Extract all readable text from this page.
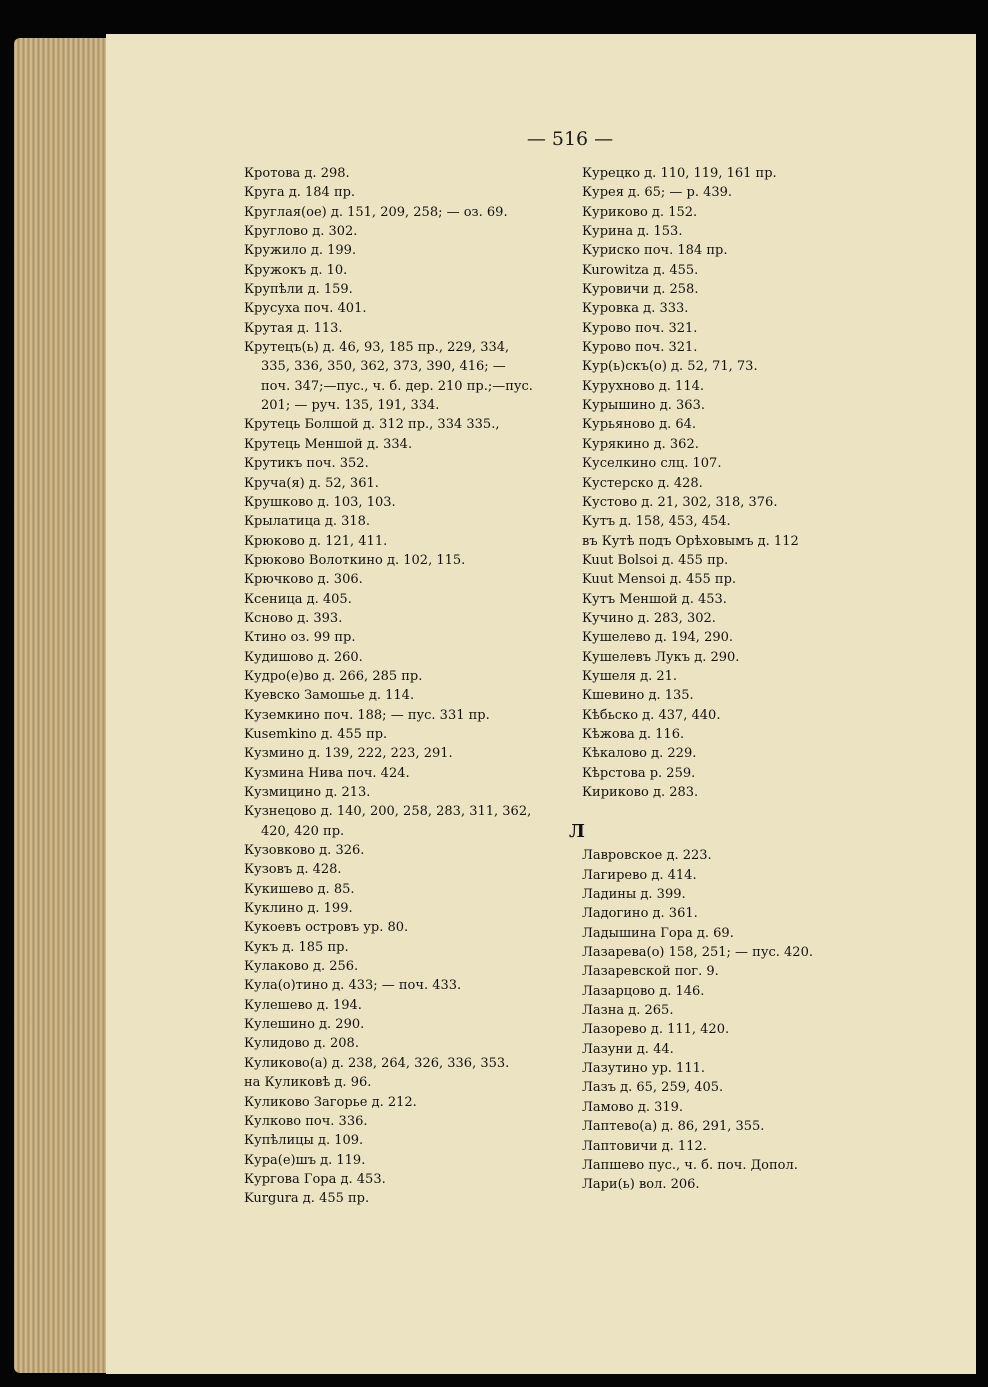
— 516 —
Кротова д. 298.
Круга д. 184 пр.
Круглая(ое) д. 151, 209, 258; — оз. 69.
Круглово д. 302.
Кружило д. 199.
Кружокъ д. 10.
Крупѣли д. 159.
Крусуха поч. 401.
Крутая д. 113.
Крутецъ(ь) д. 46, 93, 185 пр., 229, 334,
335, 336, 350, 362, 373, 390, 416; —
поч. 347;—пус., ч. б. дер. 210 пр.;—пус.
201; — руч. 135, 191, 334.
Крутець Болшой д. 312 пр., 334 335.,
Крутець Меншой д. 334.
Крутикъ поч. 352.
Круча(я) д. 52, 361.
Крушково д. 103, 103.
Крылатица д. 318.
Крюково д. 121, 411.
Крюково Волоткино д. 102, 115.
Крючково д. 306.
Ксеница д. 405.
Ксново д. 393.
Ктино оз. 99 пр.
Кудишово д. 260.
Кудро(е)во д. 266, 285 пр.
Куевско Замошье д. 114.
Куземкино поч. 188; — пус. 331 пр.
Kusemkino д. 455 пр.
Кузмино д. 139, 222, 223, 291.
Кузмина Нива поч. 424.
Кузмицино д. 213.
Кузнецово д. 140, 200, 258, 283, 311, 362,
420, 420 пр.
Кузовково д. 326.
Кузовъ д. 428.
Кукишево д. 85.
Куклино д. 199.
Кукоевъ островъ ур. 80.
Кукъ д. 185 пр.
Кулаково д. 256.
Кула(о)тино д. 433; — поч. 433.
Кулешево д. 194.
Кулешино д. 290.
Кулидово д. 208.
Куликово(а) д. 238, 264, 326, 336, 353.
на Куликовѣ д. 96.
Куликово Загорье д. 212.
Кулково поч. 336.
Купѣлицы д. 109.
Кура(е)шъ д. 119.
Кургова Гора д. 453.
Kurgura д. 455 пр.
Курецко д. 110, 119, 161 пр.
Курея д. 65; — р. 439.
Куриково д. 152.
Курина д. 153.
Куриско поч. 184 пр.
Kurowitza д. 455.
Куровичи д. 258.
Куровка д. 333.
Курово поч. 321.
Курово поч. 321.
Кур(ь)скъ(о) д. 52, 71, 73.
Курухново д. 114.
Курышино д. 363.
Курьяново д. 64.
Курякино д. 362.
Куселкино слц. 107.
Кустерско д. 428.
Кустово д. 21, 302, 318, 376.
Кутъ д. 158, 453, 454.
въ Кутѣ подъ Орѣховымъ д. 112
Kuut Bolsoi д. 455 пр.
Kuut Mensoi д. 455 пр.
Кутъ Меншой д. 453.
Кучино д. 283, 302.
Кушелево д. 194, 290.
Кушелевъ Лукъ д. 290.
Кушеля д. 21.
Кшевино д. 135.
Кѣбьско д. 437, 440.
Кѣжова д. 116.
Кѣкалово д. 229.
Кѣрстова р. 259.
Кириково д. 283.
Л
Лавровское д. 223.
Лагирево д. 414.
Ладины д. 399.
Ладогино д. 361.
Ладышина Гора д. 69.
Лазарева(о) 158, 251; — пус. 420.
Лазаревской пог. 9.
Лазарцово д. 146.
Лазна д. 265.
Лазорево д. 111, 420.
Лазуни д. 44.
Лазутино ур. 111.
Лазъ д. 65, 259, 405.
Ламово д. 319.
Лаптево(а) д. 86, 291, 355.
Лаптовичи д. 112.
Лапшево пус., ч. б. поч. Допол.
Лари(ь) вол. 206.
